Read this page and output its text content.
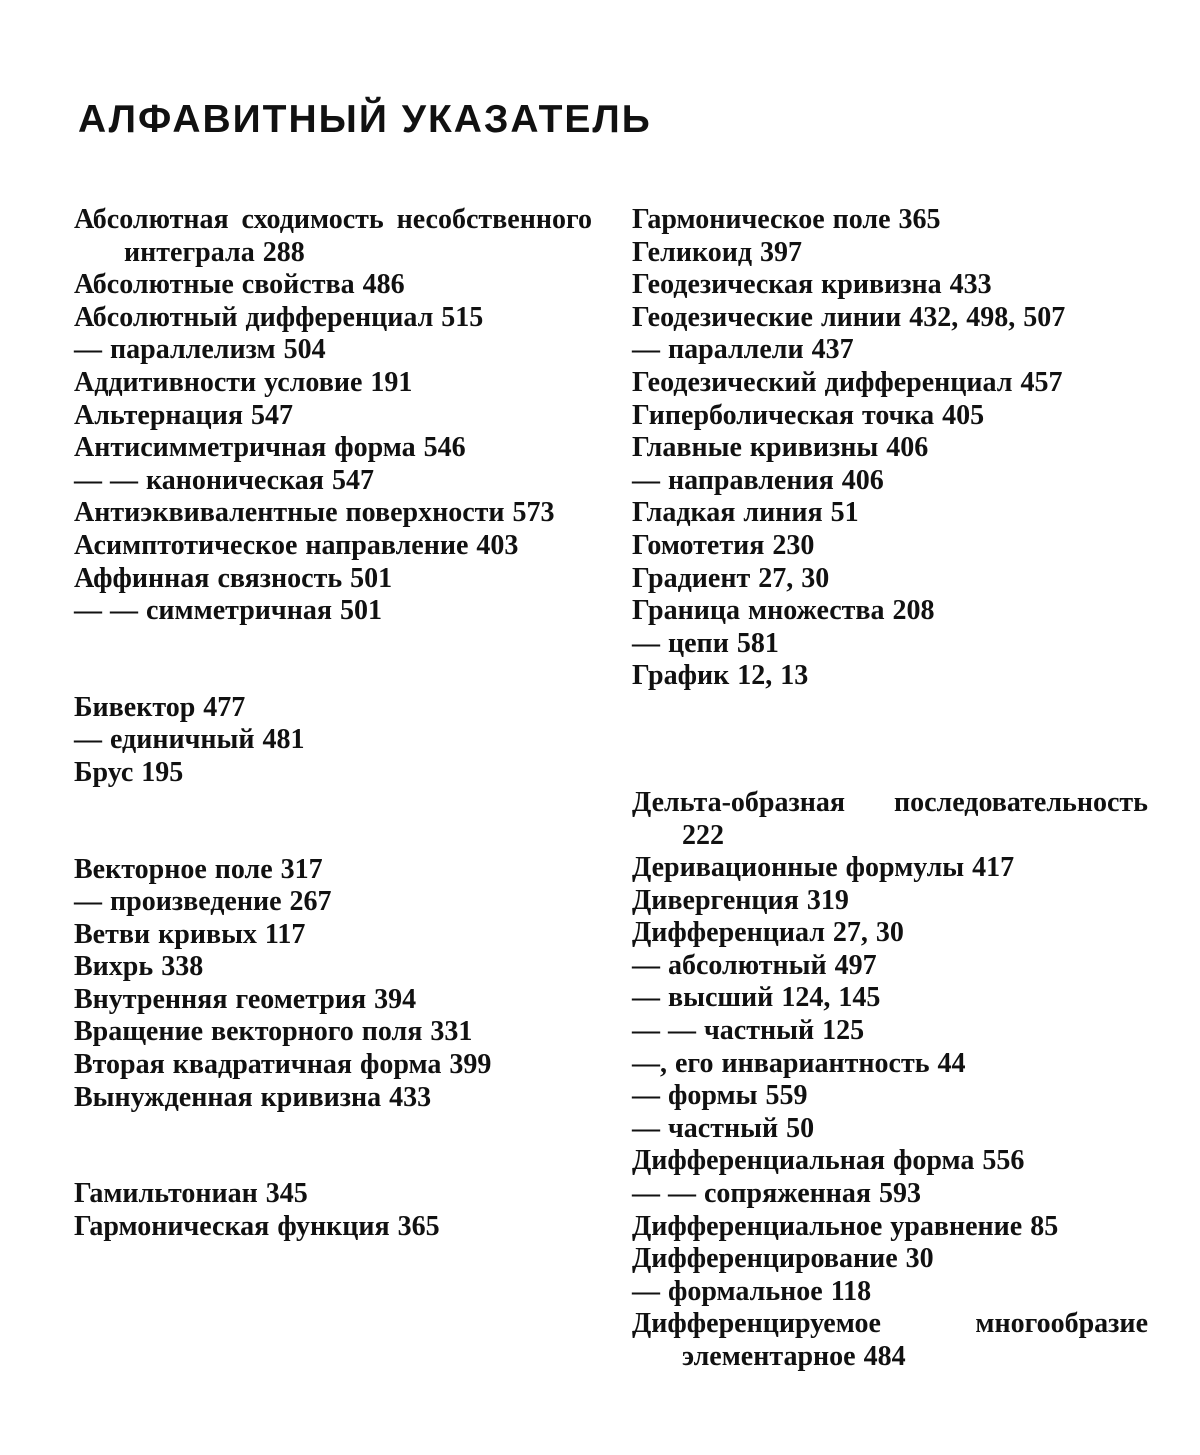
АЛФАВИТНЫЙ УКАЗАТЕЛЬ
Абсолютная сходимость несобственного интеграла 288
Абсолютные свойства 486
Абсолютный дифференциал 515
— параллелизм 504
Аддитивности условие 191
Альтернация 547
Антисимметричная форма 546
— — каноническая 547
Антиэквивалентные поверхности 573
Асимптотическое направление 403
Аффинная связность 501
— — симметричная 501
Бивектор 477
— единичный 481
Брус 195
Векторное поле 317
— произведение 267
Ветви кривых 117
Вихрь 338
Внутренняя геометрия 394
Вращение векторного поля 331
Вторая квадратичная форма 399
Вынужденная кривизна 433
Гамильтониан 345
Гармоническая функция 365
Гармоническое поле 365
Геликоид 397
Геодезическая кривизна 433
Геодезические линии 432, 498, 507
— параллели 437
Геодезический дифференциал 457
Гиперболическая точка 405
Главные кривизны 406
— направления 406
Гладкая линия 51
Гомотетия 230
Градиент 27, 30
Граница множества 208
— цепи 581
График 12, 13
Дельта-образная последовательность 222
Деривационные формулы 417
Дивергенция 319
Дифференциал 27, 30
— абсолютный 497
— высший 124, 145
— — частный 125
—, его инвариантность 44
— формы 559
— частный 50
Дифференциальная форма 556
— — сопряженная 593
Дифференциальное уравнение 85
Дифференцирование 30
— формальное 118
Дифференцируемое многообразие элементарное 484
